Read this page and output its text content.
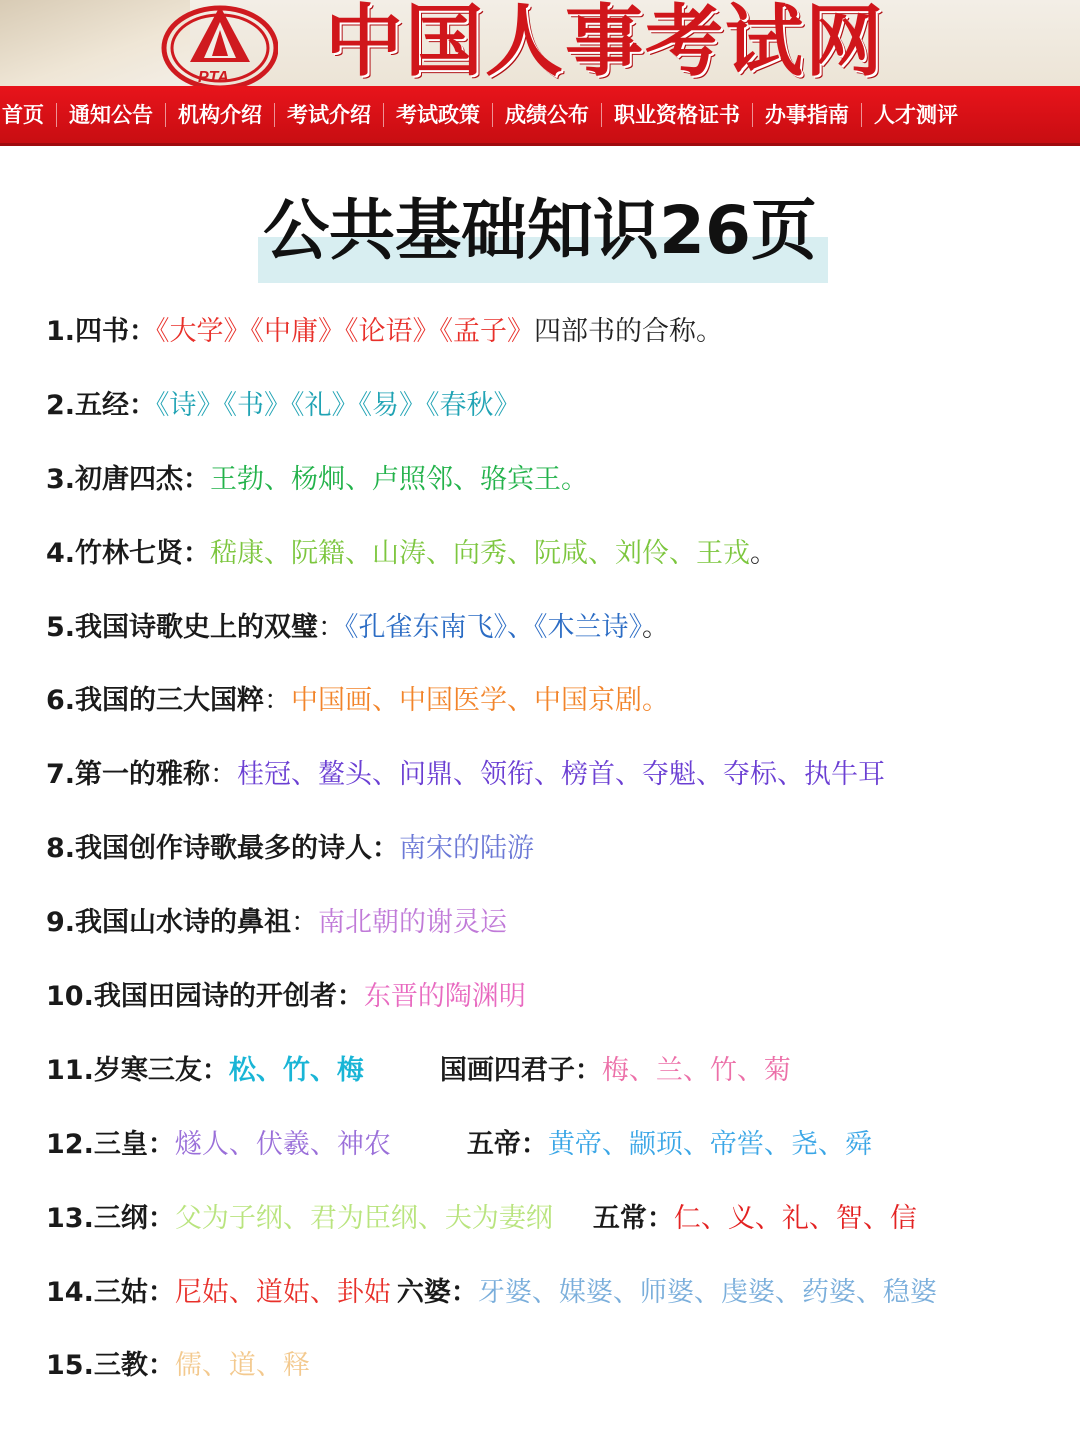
PTA 中国人事考试网
首页	通知公告	机构介绍	考试介绍	考试政策	成绩公布	职业资格证书	办事指南	人才测评
公共基础知识26页
1.四书：《大学》《中庸》《论语》《孟子》四部书的合称。
2.五经：《诗》《书》《礼》《易》《春秋》
3.初唐四杰：王勃、杨炯、卢照邻、骆宾王。
4.竹林七贤：嵇康、阮籍、山涛、向秀、阮咸、刘伶、王戎。
5.我国诗歌史上的双璧：《孔雀东南飞》、《木兰诗》。
6.我国的三大国粹：中国画、中国医学、中国京剧。
7.第一的雅称：桂冠、鳌头、问鼎、领衔、榜首、夺魁、夺标、执牛耳
8.我国创作诗歌最多的诗人：南宋的陆游
9.我国山水诗的鼻祖：南北朝的谢灵运
10.我国田园诗的开创者：东晋的陶渊明
11.岁寒三友：松、竹、梅	国画四君子：梅、兰、竹、菊
12.三皇：燧人、伏羲、神农	五帝：黄帝、颛顼、帝喾、尧、舜
13.三纲：父为子纲、君为臣纲、夫为妻纲 五常：仁、义、礼、智、信
14.三姑：尼姑、道姑、卦姑 六婆：牙婆、媒婆、师婆、虔婆、药婆、稳婆
15.三教：儒、道、释
